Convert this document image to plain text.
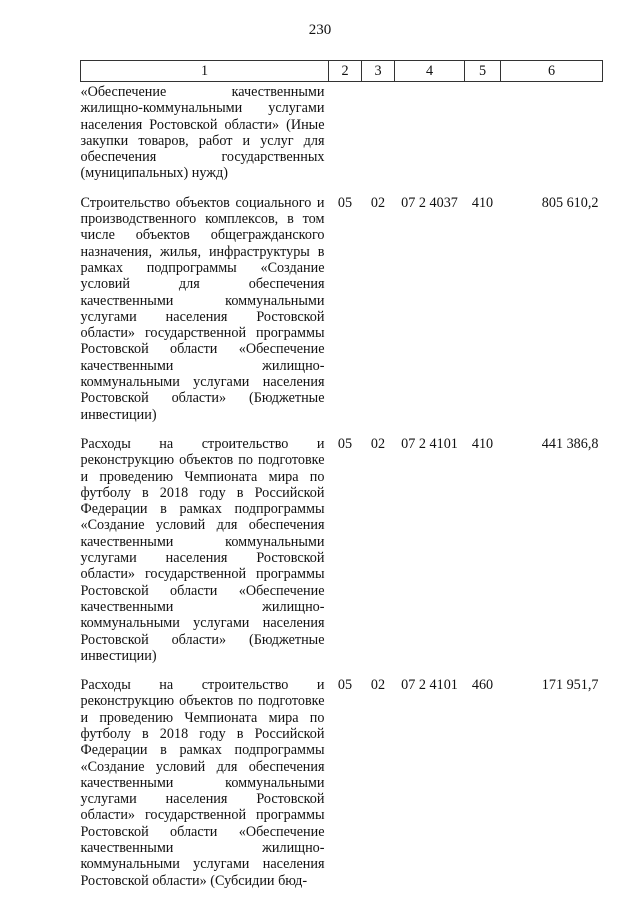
230
1	2	3	4	5	6
«Обеспечение качественными жилищно-коммунальными услугами населения Ростовской области» (Иные закупки товаров, работ и услуг для обеспечения государственных (муниципальных) нужд)					
Строительство объектов социального и производственного комплексов, в том числе объектов общегражданского назначения, жилья, инфраструктуры в рамках подпрограммы «Создание условий для обеспечения качественными коммунальными услугами населения Ростовской области» государственной программы Ростовской области «Обеспечение качественными жилищно-коммунальными услугами населения Ростовской области» (Бюджетные инвестиции)	05	02	07 2 4037	410	805 610,2
Расходы на строительство и реконструкцию объектов по подготовке и проведению Чемпионата мира по футболу в 2018 году в Российской Федерации в рамках подпрограммы «Создание условий для обеспечения качественными коммунальными услугами населения Ростовской области» государственной программы Ростовской области «Обеспечение качественными жилищно-коммунальными услугами населения Ростовской области» (Бюджетные инвестиции)	05	02	07 2 4101	410	441 386,8
Расходы на строительство и реконструкцию объектов по подготовке и проведению Чемпионата мира по футболу в 2018 году в Российской Федерации в рамках подпрограммы «Создание условий для обеспечения качественными коммунальными услугами населения Ростовской области» государственной программы Ростовской области «Обеспечение качественными жилищно-коммунальными услугами населения Ростовской области» (Субсидии бюд-	05	02	07 2 4101	460	171 951,7
